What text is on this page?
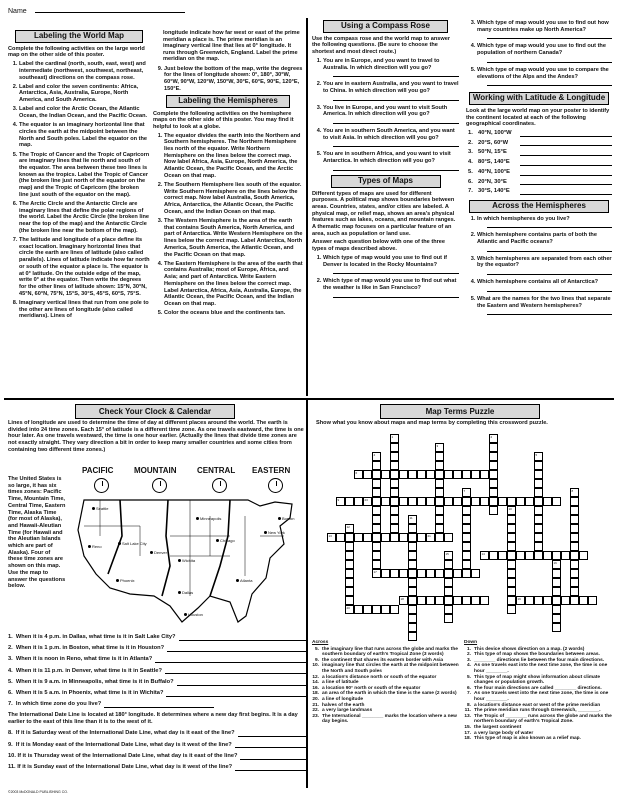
Name
Labeling the World Map

Complete the following activities on the large world map on the other side of this poster.

1. Label the cardinal (north, south, east, west) and intermediate (northwest, southwest, northeast, southeast) directions on the compass rose.
2. Label and color the seven continents: Africa, Antarctica, Asia, Australia, Europe, North America, and South America.
3. Label and color the Arctic Ocean, the Atlantic Ocean, the Indian Ocean, and the Pacific Ocean.
4. The equator is an imaginary horizontal line that circles the earth at the midpoint between the North and South poles. Label the equator on the map.
5. The Tropic of Cancer and the Tropic of Capricorn are imaginary lines that lie north and south of the equator. The area between these two lines is known as the tropics. Label the Tropic of Cancer (the broken line just north of the equator on the map) and the Tropic of Capricorn (the broken line just south of the equator on the map).
6. The Arctic Circle and the Antarctic Circle are imaginary lines that define the polar regions of the world. Label the Arctic Circle (the broken line near the top of the map) and the Antarctic Circle (the broken line near the bottom of the map).
7. The latitude and longitude of a place define its exact location. Imaginary horizontal lines that circle the earth are lines of latitude (also called parallels). Lines of latitude indicate how far north or south of the equator a place is. The equator is at 0° latitude. On the outside edge of the map, write 0° at the equator. Then write the degrees for the other lines of latitude shown: 15°N, 30°N, 45°N, 60°N, 75°N, 15°S, 30°S, 45°S, 60°S, 75°S.
8. Imaginary vertical lines that run from one pole to the other are lines of longitude (also called meridians). Lines of

longitude indicate how far west or east of the prime meridian a place is. The prime meridian is an imaginary vertical line that lies at 0° longitude. It runs through Greenwich, England. Label the prime meridian on the map.

9. Just below the bottom of the map, write the degrees for the lines of longitude shown: 0°, 180°, 30°W, 60°W, 90°W, 120°W, 150°W, 30°E, 60°E, 90°E, 120°E, 150°E.
Labeling the Hemispheres

Complete the following activities on the hemisphere maps on the other side of this poster. You may find it helpful to look at a globe.

1. The equator divides the earth into the Northern and Southern hemispheres. The Northern Hemisphere lies north of the equator. Write Northern Hemisphere on the lines below the correct map. Now label Africa, Asia, Europe, North America, the Atlantic Ocean, the Pacific Ocean, and the Arctic Ocean on that map.
2. The Southern Hemisphere lies south of the equator. Write Southern Hemisphere on the lines below the correct map. Now label Australia, South America, Africa, Antarctica, the Atlantic Ocean, the Pacific Ocean, and the Indian Ocean on that map.
3. The Western Hemisphere is the area of the earth that contains South America, North America, and part of Antarctica. Write Western Hemisphere on the lines below the correct map. Label Antarctica, North America, South America, the Atlantic Ocean, and the Pacific Ocean on that map.
4. The Eastern Hemisphere is the area of the earth that contains Australia; most of Europe, Africa, and Asia; and part of Antarctica. Write Eastern Hemisphere on the lines below the correct map. Label Antarctica, Africa, Asia, Australia, Europe, the Atlantic Ocean, the Pacific Ocean, and the Indian Ocean on that map.
5. Color the oceans blue and the continents tan.
Using a Compass Rose

Use the compass rose and the world map to answer the following questions. (Be sure to choose the shortest and most direct route.)

1. You are in Europe, and you want to travel to Australia. In which direction will you go?
2. You are in eastern Australia, and you want to travel to China. In which direction will you go?
3. You live in Europe, and you want to visit South America. In which direction will you go?
4. You are in southern South America, and you want to visit Asia. In which direction will you go?
5. You are in southern Africa, and you want to visit Antarctica. In which direction will you go?
Types of Maps

Different types of maps are used for different purposes. A political map shows boundaries between areas. Countries, states, and/or cities are labeled. A physical map, or relief map, shows an area's physical features such as lakes, oceans, and mountain ranges. A thematic map focuses on a particular feature of an area, such as population or land use.

Answer each question below with one of the three types of maps described above.

1. Which type of map would you use to find out if Denver is located in the Rocky Mountains?
2. Which type of map would you use to find out what the weather is like in San Francisco?
3. Which type of map would you use to find out how many countries make up North America?
4. Which type of map would you use to find out the population of northern Canada?
5. Which type of map would you use to compare the elevations of the Alps and the Andes?
Working with Latitude & Longitude

Look at the large world map on your poster to identify the continent located at each of the following geographical coordinates.

1. 40°N, 100°W
2. 20°S, 60°W
3. 50°N, 15°E
4. 80°S, 140°E
5. 40°N, 100°E
6. 20°N, 30°E
7. 30°S, 140°E
Across the Hemispheres
1. In which hemispheres do you live?
2. Which hemisphere contains parts of both the Atlantic and Pacific oceans?
3. Which hemispheres are separated from each other by the equator?
4. Which hemisphere contains all of Antarctica?
5. What are the names for the two lines that separate the Eastern and Western hemispheres?
Check Your Clock & Calendar
Lines of longitude are used to determine the time of day at different places around the world. The earth is divided into 24 time zones. Each 15° of latitude is a different time zone. As one travels eastward, the time is one hour later. As one travels westward, the time is one hour earlier. (Actually the lines that divide time zones are not exactly straight. They vary direction a bit in order to keep many smaller countries and some cities from containing two different time zones.)
The United States is so large, it has six times zones: Pacific Time, Mountain Time, Central Time, Eastern Time, Alaska Time (for most of Alaska), and Hawaii-Aleutian Time (for Hawaii and the Aleutian Islands which are part of Alaska). Four of these time zones are shown on this map. Use the map to answer the questions below.
PACIFIC	MOUNTAIN	CENTRAL EASTERN
Seattle
Minneapolis	Boston
Reno
Salt Lake City
Denver
Chicago
New York
Wichita
Atlanta
Phoenix
Dallas
Houston
1.  When it is 4 p.m. in Dallas, what time is it in Salt Lake City?
2.  When it is 1 p.m. in Boston, what time is it in Houston?
3.  When it is noon in Reno, what time is it in Atlanta?
4.  When it is 11 p.m. in Denver, what time is it in Seattle?
5.  When it is 9 a.m. in Minneapolis, what time is it in Buffalo?
6.  When it is 5 a.m. in Phoenix, what time is it in Wichita?
7.  In which time zone do you live?

The International Date Line is located at 180° longitude. It determines where a new day first begins. It is a day earlier to the east of this line than it is to the west of it.

8.  If it is Saturday west of the International Date Line, what day is it east of the line?
9.  If it is Monday east of the International Date Line, what day is it west of the line?
10. If it is Thursday west of the International Date Line, what day is it east of the line?
11. If it is Sunday east of the International Date Line, what day is it west of the line?
©2003 McDONALD PUBLISHING CO.
Map Terms Puzzle
Show what you know about maps and map terms by completing this crossword puzzle.
1
3
2
5
6
4
17
9	23
11
7
13	21
12
20
14
10
15
8
19
18
16
Across
5. the imaginary line that runs across the globe and marks the southern boundary of earth's Tropical Zone (3 words)
9. the continent that shares its eastern border with Asia
10. imaginary line that circles the earth at the midpoint between the North and South poles
12. a location's distance north or south of the equator
14. a line of latitude
16. a location 90° north or south of the equator
18. an area of the earth in which the time is the same (2 words)
20. a line of longitude
21. halves of the earth
22. a very large landmass
23. The International ________ marks the location where a new day begins.
Down
1. This device shows direction on a map. (2 words)
2. This type of map shows the boundaries between areas.
3. ________ directions lie between the four main directions.
4. As one travels east into the next time zone, the time is one hour ________.
5. This type of map might show information about climate changes or population growth.
6. The four main directions are called ________ directions.
7. As one travels west into the next time zone, the time is one hour ________.
8. a location's distance east or west of the prime meridian
11. The prime meridian runs through Greenwich, ________.
13. The Tropic of ________ runs across the globe and marks the northern boundary of earth's Tropical Zone.
15. the largest continent
17. a very large body of water
18. This type of map is also known as a relief map.
